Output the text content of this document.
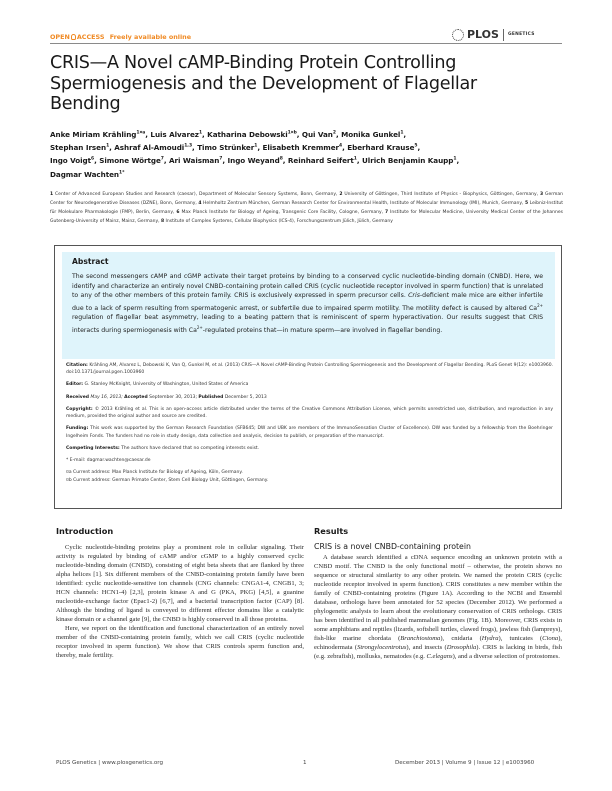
OPEN ACCESS Freely available online	PLOS GENETICS
CRIS—A Novel cAMP-Binding Protein Controlling Spermiogenesis and the Development of Flagellar Bending
Anke Miriam Krähling$^{1¤a}$, Luis Alvarez$^1$, Katharina Debowski$^{1¤b}$, Qui Van$^2$, Monika Gunkel$^1$,
Stephan Irsen$^1$, Ashraf Al-Amoudi$^{1,3}$, Timo Strünker$^1$, Elisabeth Kremmer$^4$, Eberhard Krause$^5$,
Ingo Voigt$^6$, Simone Wörtge$^7$, Ari Waisman$^7$, Ingo Weyand$^8$, Reinhard Seifert$^1$, Ulrich Benjamin Kaupp$^1$,
Dagmar Wachten$^{1*}$
1 Center of Advanced European Studies and Research (caesar), Department of Molecular Sensory Systems, Bonn, Germany, 2 University of Göttingen, Third Institute of Physics - Biophysics, Göttingen, Germany, 3 German Center for Neurodegenerative Diseases (DZNE), Bonn, Germany, 4 Helmholtz Zentrum München, German Research Center for Environmental Health, Institute of Molecular Immunology (IMI), Munich, Germany, 5 Leibniz-Institut für Molekulare Pharmakologie (FMP), Berlin, Germany, 6 Max Planck Institute for Biology of Ageing, Transgenic Core Facility, Cologne, Germany, 7 Institute for Molecular Medicine, University Medical Center of the Johannes Gutenberg-University of Mainz, Mainz, Germany, 8 Institute of Complex Systems, Cellular Biophysics (ICS-4), Forschungszentrum Jülich, Jülich, Germany
Abstract

The second messengers cAMP and cGMP activate their target proteins by binding to a conserved cyclic nucleotide-binding domain (CNBD). Here, we identify and characterize an entirely novel CNBD-containing protein called CRIS (cyclic nucleotide receptor involved in sperm function) that is unrelated to any of the other members of this protein family. CRIS is exclusively expressed in sperm precursor cells. Cris-deficient male mice are either infertile due to a lack of sperm resulting from spermatogenic arrest, or subfertile due to impaired sperm motility. The motility defect is caused by altered $Ca^{2+}$ regulation of flagellar beat asymmetry, leading to a beating pattern that is reminiscent of sperm hyperactivation. Our results suggest that CRIS interacts during spermiogenesis with $Ca^{2+}$-regulated proteins that—in mature sperm—are involved in flagellar bending.

Citation: Krähling AM, Alvarez L, Debowski K, Van Q, Gunkel M, et al. (2013) CRIS—A Novel cAMP-Binding Protein Controlling Spermiogenesis and the Development of Flagellar Bending. PLoS Genet 9(12): e1003960. doi:10.1371/journal.pgen.1003960

Editor: G. Stanley McKnight, University of Washington, United States of America

Received May 16, 2013; Accepted September 30, 2013; Published December 5, 2013

Copyright: © 2013 Krähling et al. This is an open-access article distributed under the terms of the Creative Commons Attribution License, which permits unrestricted use, distribution, and reproduction in any medium, provided the original author and source are credited.

Funding: This work was supported by the German Research Foundation (SFB645; DW and UBK are members of the ImmunoSensation Cluster of Excellence). DW was funded by a fellowship from the Boehringer Ingelheim Fonds. The funders had no role in study design, data collection and analysis, decision to publish, or preparation of the manuscript.

Competing Interests: The authors have declared that no competing interests exist.

* E-mail: dagmar.wachten@caesar.de

¤a Current address: Max Planck Institute for Biology of Ageing, Köln, Germany.

¤b Current address: German Primate Center, Stem Cell Biology Unit, Göttingen, Germany.

Introduction

Cyclic nucleotide-binding proteins play a prominent role in cellular signaling. Their activity is regulated by binding of cAMP and/or cGMP to a highly conserved cyclic nucleotide-binding domain (CNBD), consisting of eight beta sheets that are flanked by three alpha helices [1]. Six different members of the CNBD-containing protein family have been identified: cyclic nucleotide-sensitive ion channels (CNG channels: CNGA1-4, CNGB1, 3; HCN channels: HCN1-4) [2,3], protein kinase A and G (PKA, PKG) [4,5], a guanine nucleotide-exchange factor (Epac1-2) [6,7], and a bacterial transcription factor (CAP) [8]. Although the binding of ligand is conveyed to different effector domains like a catalytic kinase domain or a channel gate [9], the CNBD is highly conserved in all those proteins.

Here, we report on the identification and functional characterization of an entirely novel member of the CNBD-containing protein family, which we call CRIS (cyclic nucleotide receptor involved in sperm function). We show that CRIS controls sperm function and, thereby, male fertility.

Results
CRIS is a novel CNBD-containing protein

A database search identified a cDNA sequence encoding an unknown protein with a CNBD motif. The CNBD is the only functional motif – otherwise, the protein shows no sequence or structural similarity to any other protein. We named the protein CRIS (cyclic nucleotide receptor involved in sperm function). CRIS constitutes a new member within the family of CNBD-containing proteins (Figure 1A). According to the NCBI and Ensembl database, orthologs have been annotated for 52 species (December 2012). We performed a phylogenetic analysis to learn about the evolutionary conservation of CRIS orthologs. CRIS has been identified in all published mammalian genomes (Fig. 1B). Moreover, CRIS exists in some amphibians and reptiles (lizards, softshell turtles, clawed frogs), jawless fish (lampreys), fish-like marine chordata (Branchiostoma), cnidaria (Hydra), tunicates (Ciona), echinodermata (Strongylocentrotus), and insects (Drosophila). CRIS is lacking in birds, fish (e.g. zebrafish), mollusks, nematodes (e.g. C.elegans), and a diverse selection of protostomes.

PLOS Genetics | www.plosgenetics.org	1	December 2013 | Volume 9 | Issue 12 | e1003960
